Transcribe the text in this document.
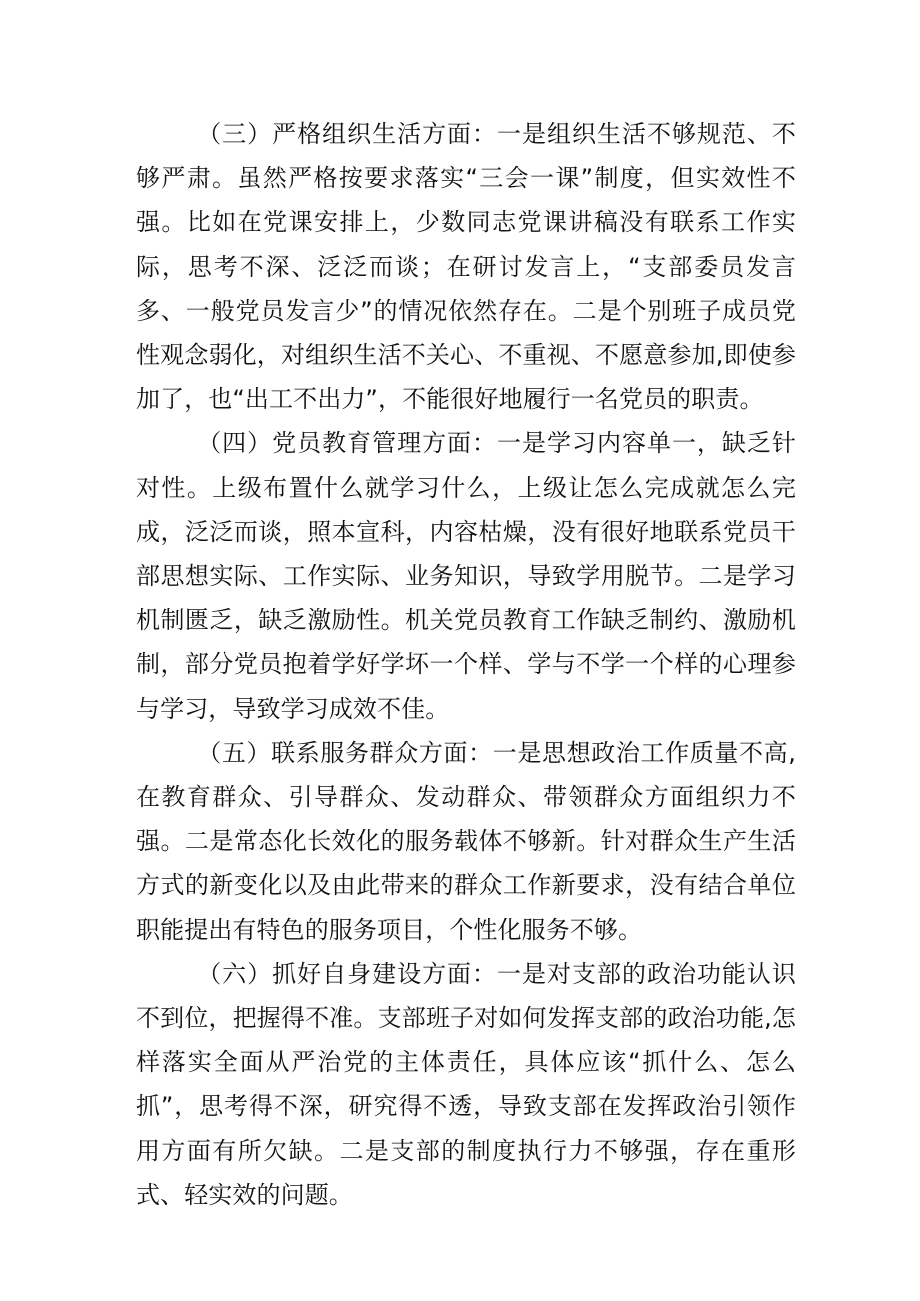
（三）严格组织生活方面：一是组织生活不够规范、不够严肃。虽然严格按要求落实“三会一课”制度，但实效性不强。比如在党课安排上，少数同志党课讲稿没有联系工作实际，思考不深、泛泛而谈；在研讨发言上，“支部委员发言多、一般党员发言少”的情况依然存在。二是个别班子成员党性观念弱化，对组织生活不关心、不重视、不愿意参加,即使参加了，也“出工不出力”，不能很好地履行一名党员的职责。

（四）党员教育管理方面：一是学习内容单一，缺乏针对性。上级布置什么就学习什么，上级让怎么完成就怎么完成，泛泛而谈，照本宣科，内容枯燥，没有很好地联系党员干部思想实际、工作实际、业务知识，导致学用脱节。二是学习机制匮乏，缺乏激励性。机关党员教育工作缺乏制约、激励机制，部分党员抱着学好学坏一个样、学与不学一个样的心理参与学习，导致学习成效不佳。

（五）联系服务群众方面：一是思想政治工作质量不高,在教育群众、引导群众、发动群众、带领群众方面组织力不强。二是常态化长效化的服务载体不够新。针对群众生产生活方式的新变化以及由此带来的群众工作新要求，没有结合单位职能提出有特色的服务项目，个性化服务不够。

（六）抓好自身建设方面：一是对支部的政治功能认识不到位，把握得不准。支部班子对如何发挥支部的政治功能,怎样落实全面从严治党的主体责任，具体应该“抓什么、怎么抓”，思考得不深，研究得不透，导致支部在发挥政治引领作用方面有所欠缺。二是支部的制度执行力不够强，存在重形式、轻实效的问题。
